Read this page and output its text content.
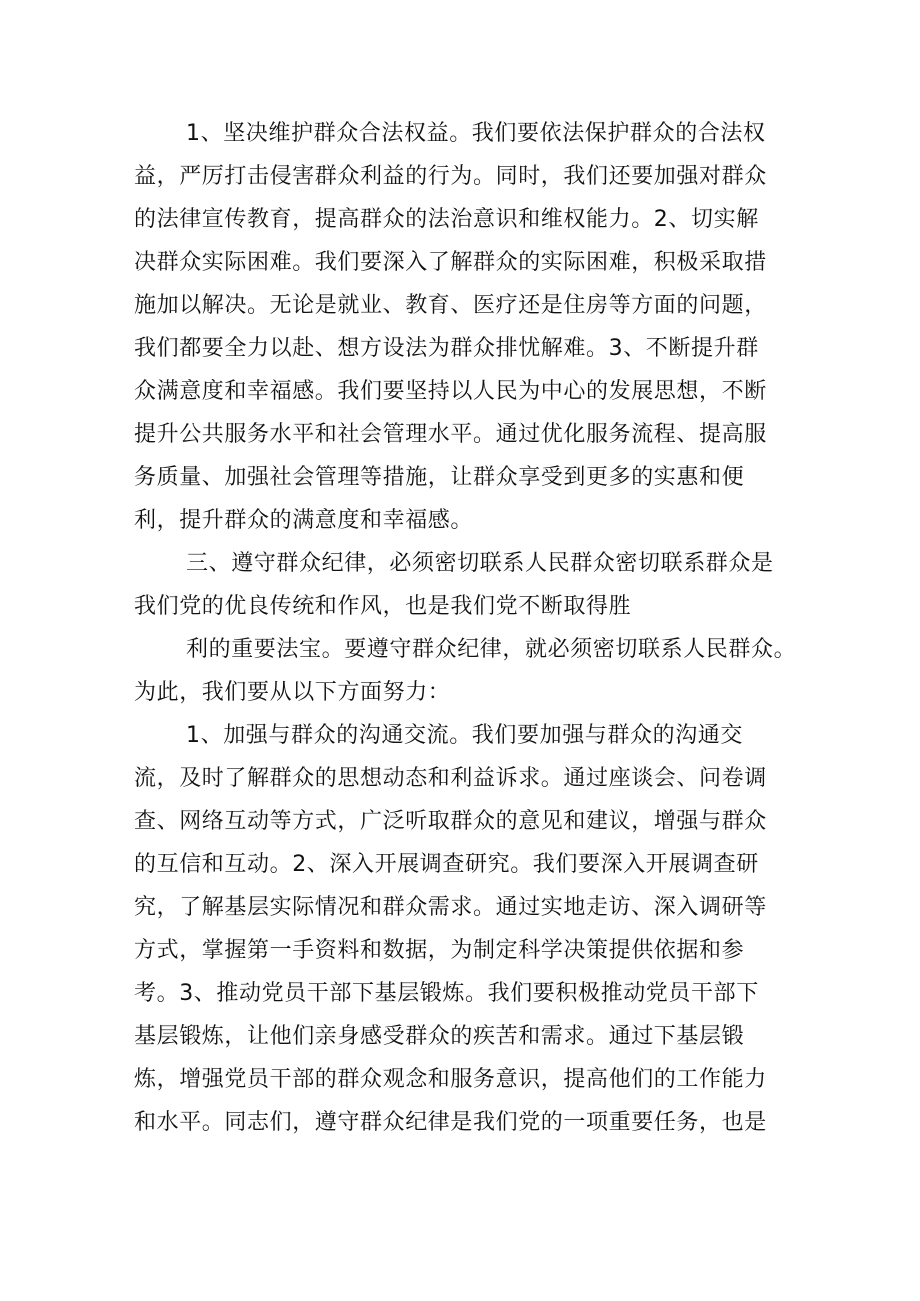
1、坚决维护群众合法权益。我们要依法保护群众的合法权
益，严厉打击侵害群众利益的行为。同时，我们还要加强对群众
的法律宣传教育，提高群众的法治意识和维权能力。2、切实解
决群众实际困难。我们要深入了解群众的实际困难，积极采取措
施加以解决。无论是就业、教育、医疗还是住房等方面的问题，
我们都要全力以赴、想方设法为群众排忧解难。3、不断提升群
众满意度和幸福感。我们要坚持以人民为中心的发展思想，不断
提升公共服务水平和社会管理水平。通过优化服务流程、提高服
务质量、加强社会管理等措施，让群众享受到更多的实惠和便
利，提升群众的满意度和幸福感。
三、遵守群众纪律，必须密切联系人民群众密切联系群众是
我们党的优良传统和作风，也是我们党不断取得胜
利的重要法宝。要遵守群众纪律，就必须密切联系人民群众。
为此，我们要从以下方面努力：
1、加强与群众的沟通交流。我们要加强与群众的沟通交
流，及时了解群众的思想动态和利益诉求。通过座谈会、问卷调
查、网络互动等方式，广泛听取群众的意见和建议，增强与群众
的互信和互动。2、深入开展调查研究。我们要深入开展调查研
究，了解基层实际情况和群众需求。通过实地走访、深入调研等
方式，掌握第一手资料和数据，为制定科学决策提供依据和参
考。3、推动党员干部下基层锻炼。我们要积极推动党员干部下
基层锻炼，让他们亲身感受群众的疾苦和需求。通过下基层锻
炼，增强党员干部的群众观念和服务意识，提高他们的工作能力
和水平。同志们，遵守群众纪律是我们党的一项重要任务，也是
